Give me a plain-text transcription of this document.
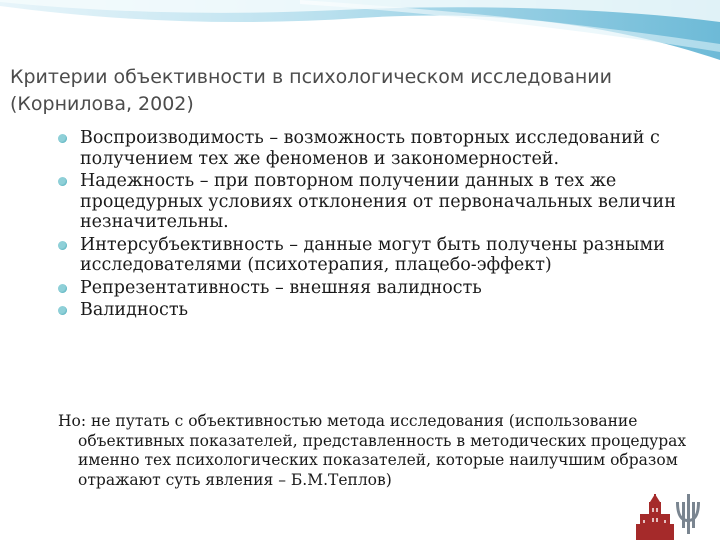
Критерии объективности в психологическом исследовании (Корнилова, 2002)
Воспроизводимость – возможность повторных исследований с получением тех же феноменов и закономерностей.
Надежность – при повторном получении данных в тех же процедурных условиях отклонения от первоначальных величин незначительны.
Интерсубъективность – данные могут быть получены разными исследователями (психотерапия, плацебо-эффект)
Репрезентативность – внешняя валидность
Валидность

Но: не путать с объективностью метода исследования (использование объективных показателей, представленность в методических процедурах именно тех психологических показателей, которые наилучшим образом отражают суть явления – Б.М.Теплов)
